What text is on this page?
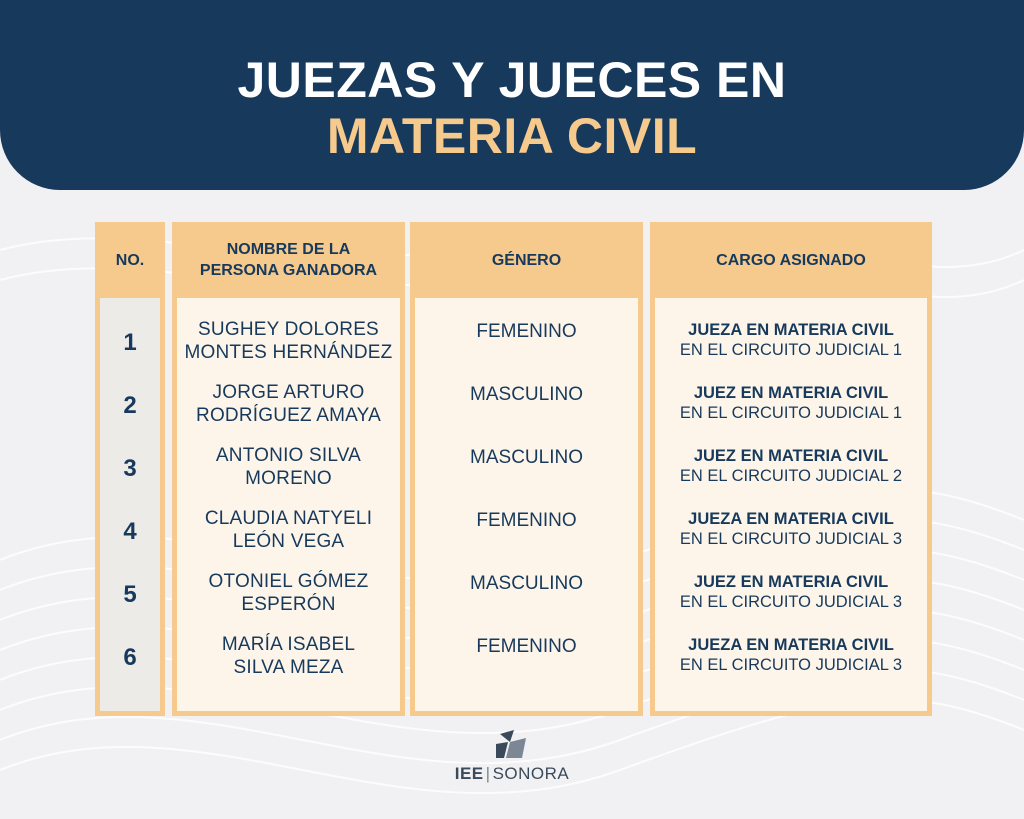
JUEZAS Y JUECES EN
MATERIA CIVIL
NO.
1
2
3
4
5
6
NOMBRE DE LA
PERSONA GANADORA
SUGHEY DOLORES
MONTES HERNÁNDEZ
JORGE ARTURO
RODRÍGUEZ AMAYA
ANTONIO SILVA
MORENO
CLAUDIA NATYELI
LEÓN VEGA
OTONIEL GÓMEZ
ESPERÓN
MARÍA ISABEL
SILVA MEZA
GÉNERO
FEMENINO
MASCULINO
MASCULINO
FEMENINO
MASCULINO
FEMENINO
CARGO ASIGNADO
JUEZA EN MATERIA CIVIL
EN EL CIRCUITO JUDICIAL 1
JUEZ EN MATERIA CIVIL
EN EL CIRCUITO JUDICIAL 1
JUEZ EN MATERIA CIVIL
EN EL CIRCUITO JUDICIAL 2
JUEZA EN MATERIA CIVIL
EN EL CIRCUITO JUDICIAL 3
JUEZ EN MATERIA CIVIL
EN EL CIRCUITO JUDICIAL 3
JUEZA EN MATERIA CIVIL
EN EL CIRCUITO JUDICIAL 3
IEE | SONORA
